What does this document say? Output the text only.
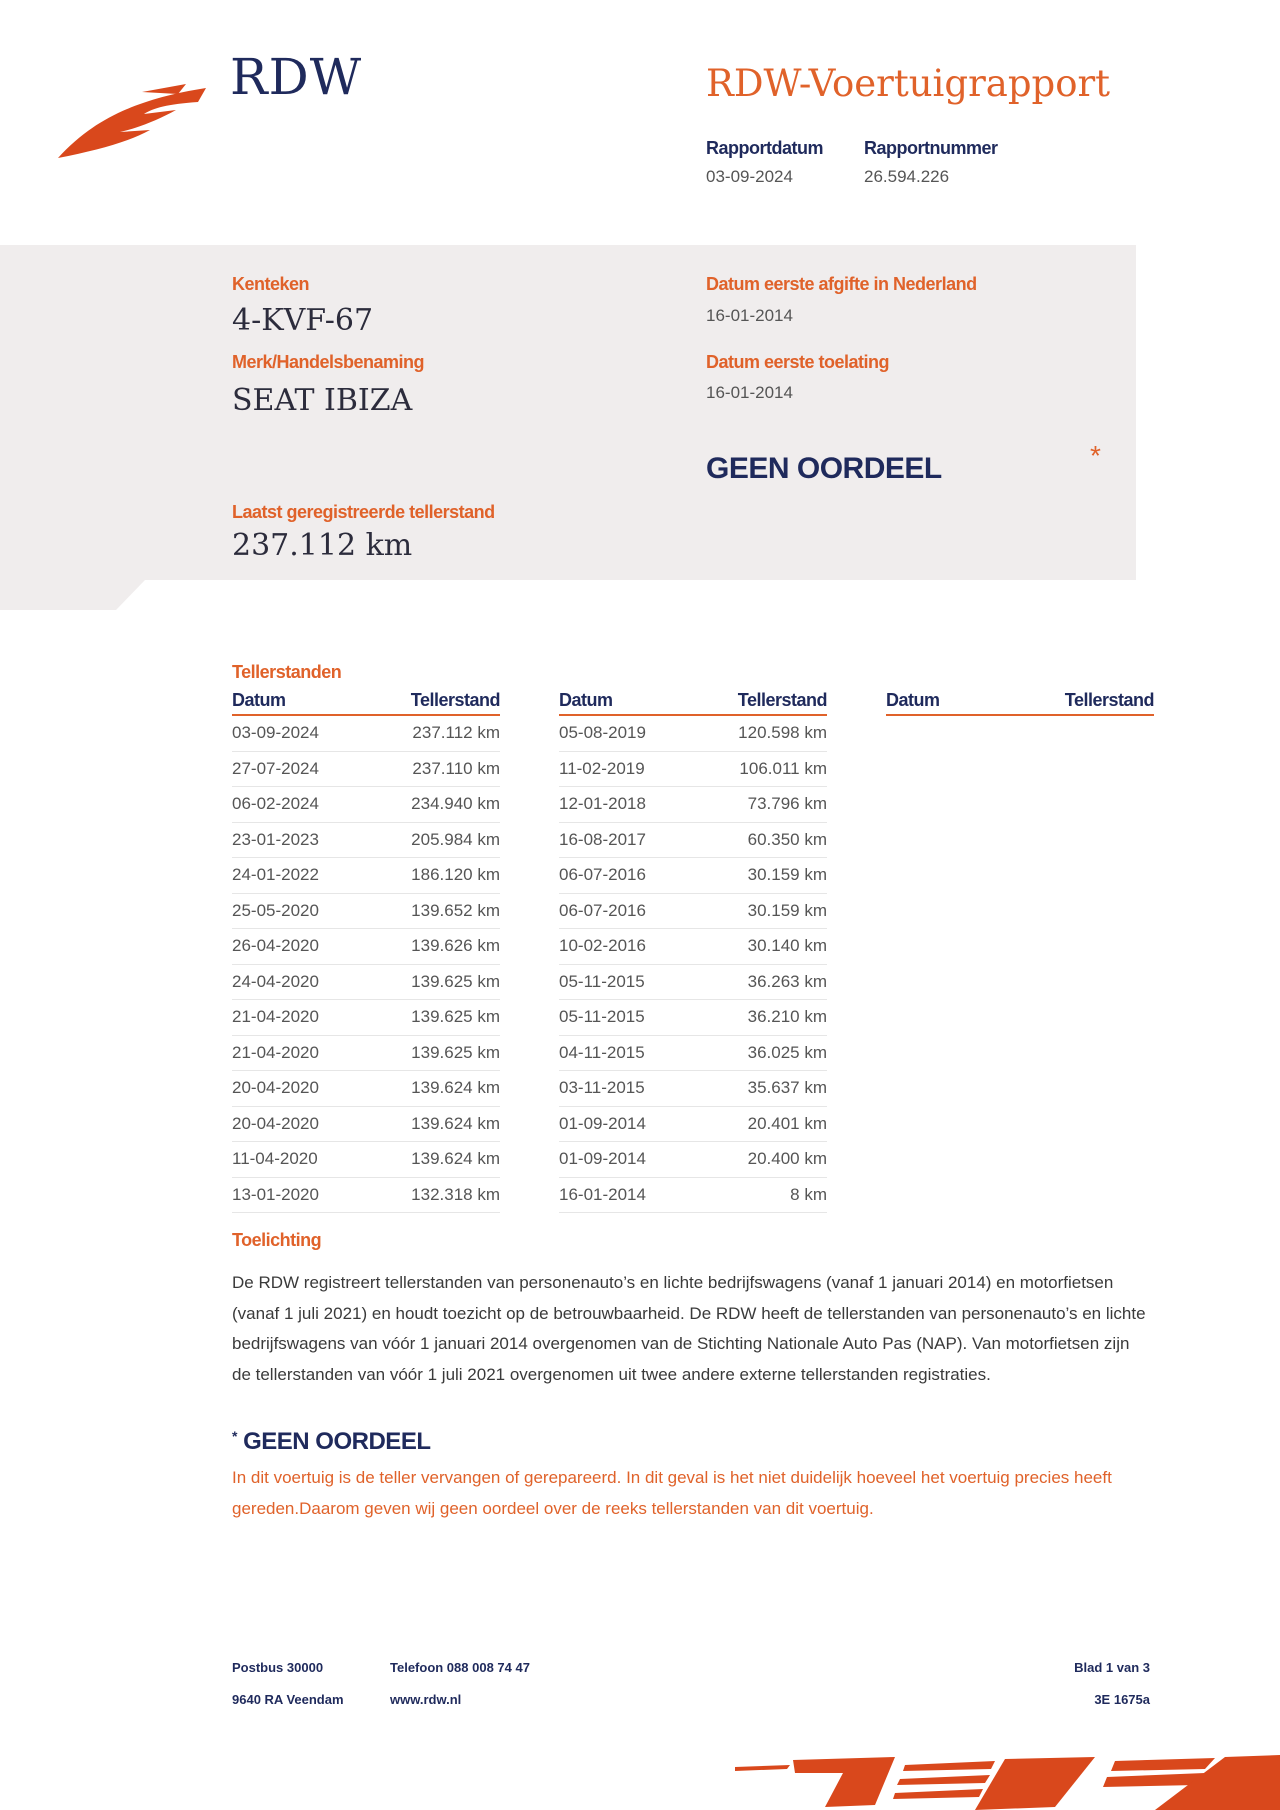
RDW	RDW-Voertuigrapport
Rapportdatum
03-09-2024
Rapportnummer
26.594.226
Kenteken
4-KVF-67
Merk/Handelsbenaming
SEAT IBIZA
Datum eerste afgifte in Nederland
16-01-2014
Datum eerste toelating
16-01-2014
GEEN OORDEEL	*
Laatst geregistreerde tellerstand
237.112 km
Tellerstanden
Datum	Tellerstand
03-09-2024	237.112 km
27-07-2024	237.110 km
06-02-2024	234.940 km
23-01-2023	205.984 km
24-01-2022	186.120 km
25-05-2020	139.652 km
26-04-2020	139.626 km
24-04-2020	139.625 km
21-04-2020	139.625 km
21-04-2020	139.625 km
20-04-2020	139.624 km
20-04-2020	139.624 km
11-04-2020	139.624 km
13-01-2020	132.318 km
Datum	Tellerstand
05-08-2019	120.598 km
11-02-2019	106.011 km
12-01-2018	73.796 km
16-08-2017	60.350 km
06-07-2016	30.159 km
06-07-2016	30.159 km
10-02-2016	30.140 km
05-11-2015	36.263 km
05-11-2015	36.210 km
04-11-2015	36.025 km
03-11-2015	35.637 km
01-09-2014	20.401 km
01-09-2014	20.400 km
16-01-2014	8 km
Datum	Tellerstand
Toelichting
De RDW registreert tellerstanden van personenauto’s en lichte bedrijfswagens (vanaf 1 januari 2014) en motorfietsen (vanaf 1 juli 2021) en houdt toezicht op de betrouwbaarheid. De RDW heeft de tellerstanden van personenauto’s en lichte bedrijfswagens van vóór 1 januari 2014 overgenomen van de Stichting Nationale Auto Pas (NAP). Van motorfietsen zijn de tellerstanden van vóór 1 juli 2021 overgenomen uit twee andere externe tellerstanden registraties.
* GEEN OORDEEL
In dit voertuig is de teller vervangen of gerepareerd. In dit geval is het niet duidelijk hoeveel het voertuig precies heeft gereden.Daarom geven wij geen oordeel over de reeks tellerstanden van dit voertuig.
Postbus 30000
9640 RA Veendam
Telefoon 088 008 74 47
www.rdw.nl
Blad 1 van 3
3E 1675a
